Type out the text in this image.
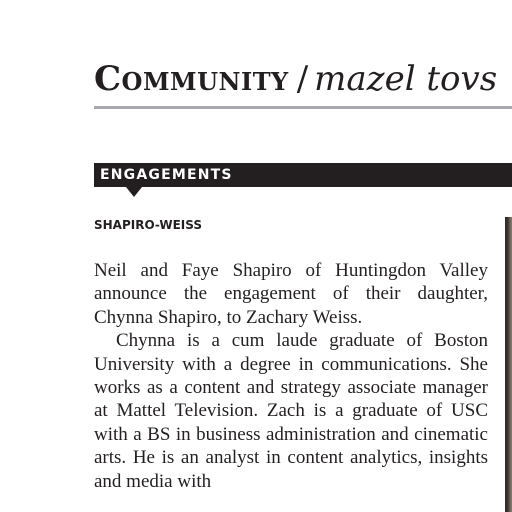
Community / mazel tovs
ENGAGEMENTS
SHAPIRO-WEISS

Neil and Faye Shapiro of Huntingdon Valley announce the engagement of their daughter, Chynna Shapiro, to Zachary Weiss.

Chynna is a cum laude graduate of Boston University with a degree in communications. She works as a content and strategy associate manager at Mattel Television. Zach is a graduate of USC with a BS in business administration and cinematic arts. He is an analyst in content analytics, insights and media with
